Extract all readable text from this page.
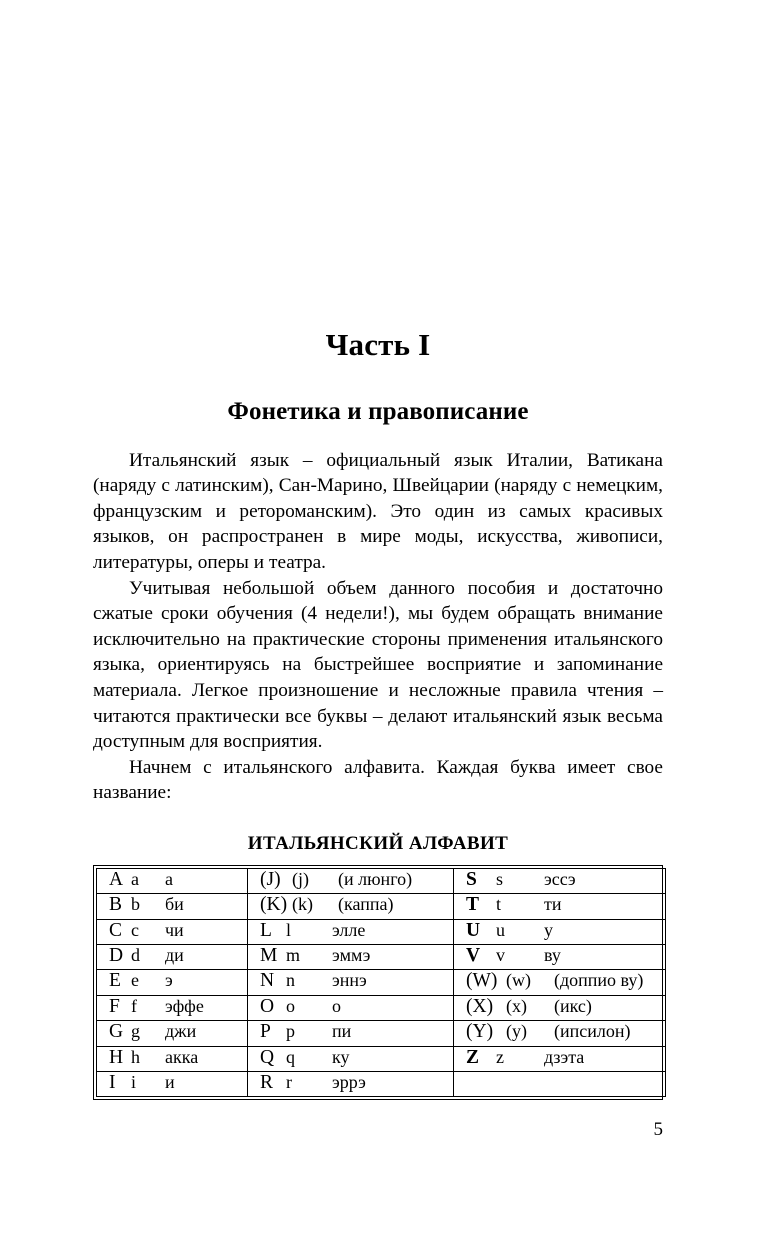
Часть I
Фонетика и правописание

Итальянский язык – официальный язык Италии, Ватикана (наряду с латинским), Сан-Марино, Швейцарии (наряду с немецким, французским и ретороманским). Это один из самых красивых языков, он распространен в мире моды, искусства, живописи, литературы, оперы и театра.

Учитывая небольшой объем данного пособия и достаточно сжатые сроки обучения (4 недели!), мы будем обращать внимание исключительно на практические стороны применения итальянского языка, ориентируясь на быстрейшее восприятие и запоминание материала. Легкое произношение и несложные правила чтения – читаются практически все буквы – делают итальянский язык весьма доступным для восприятия.

Начнем с итальянского алфавита. Каждая буква имеет свое название:

ИТАЛЬЯНСКИЙ АЛФАВИТ
A a а	(J) (j) (и люнго)	S s эссэ

B b би	(K) (k) (каппа)	T t ти

C c чи	L l элле	U u у

D d ди	M m эммэ	V v ву

E e э	N n эннэ	(W) (w) (доппио ву)

F f эффе	O o о	(X) (x) (икс)

G g джи	P p пи	(Y) (y) (ипсилон)

H h акка	Q q ку	Z z дзэта

I i и	R r эррэ	

5
